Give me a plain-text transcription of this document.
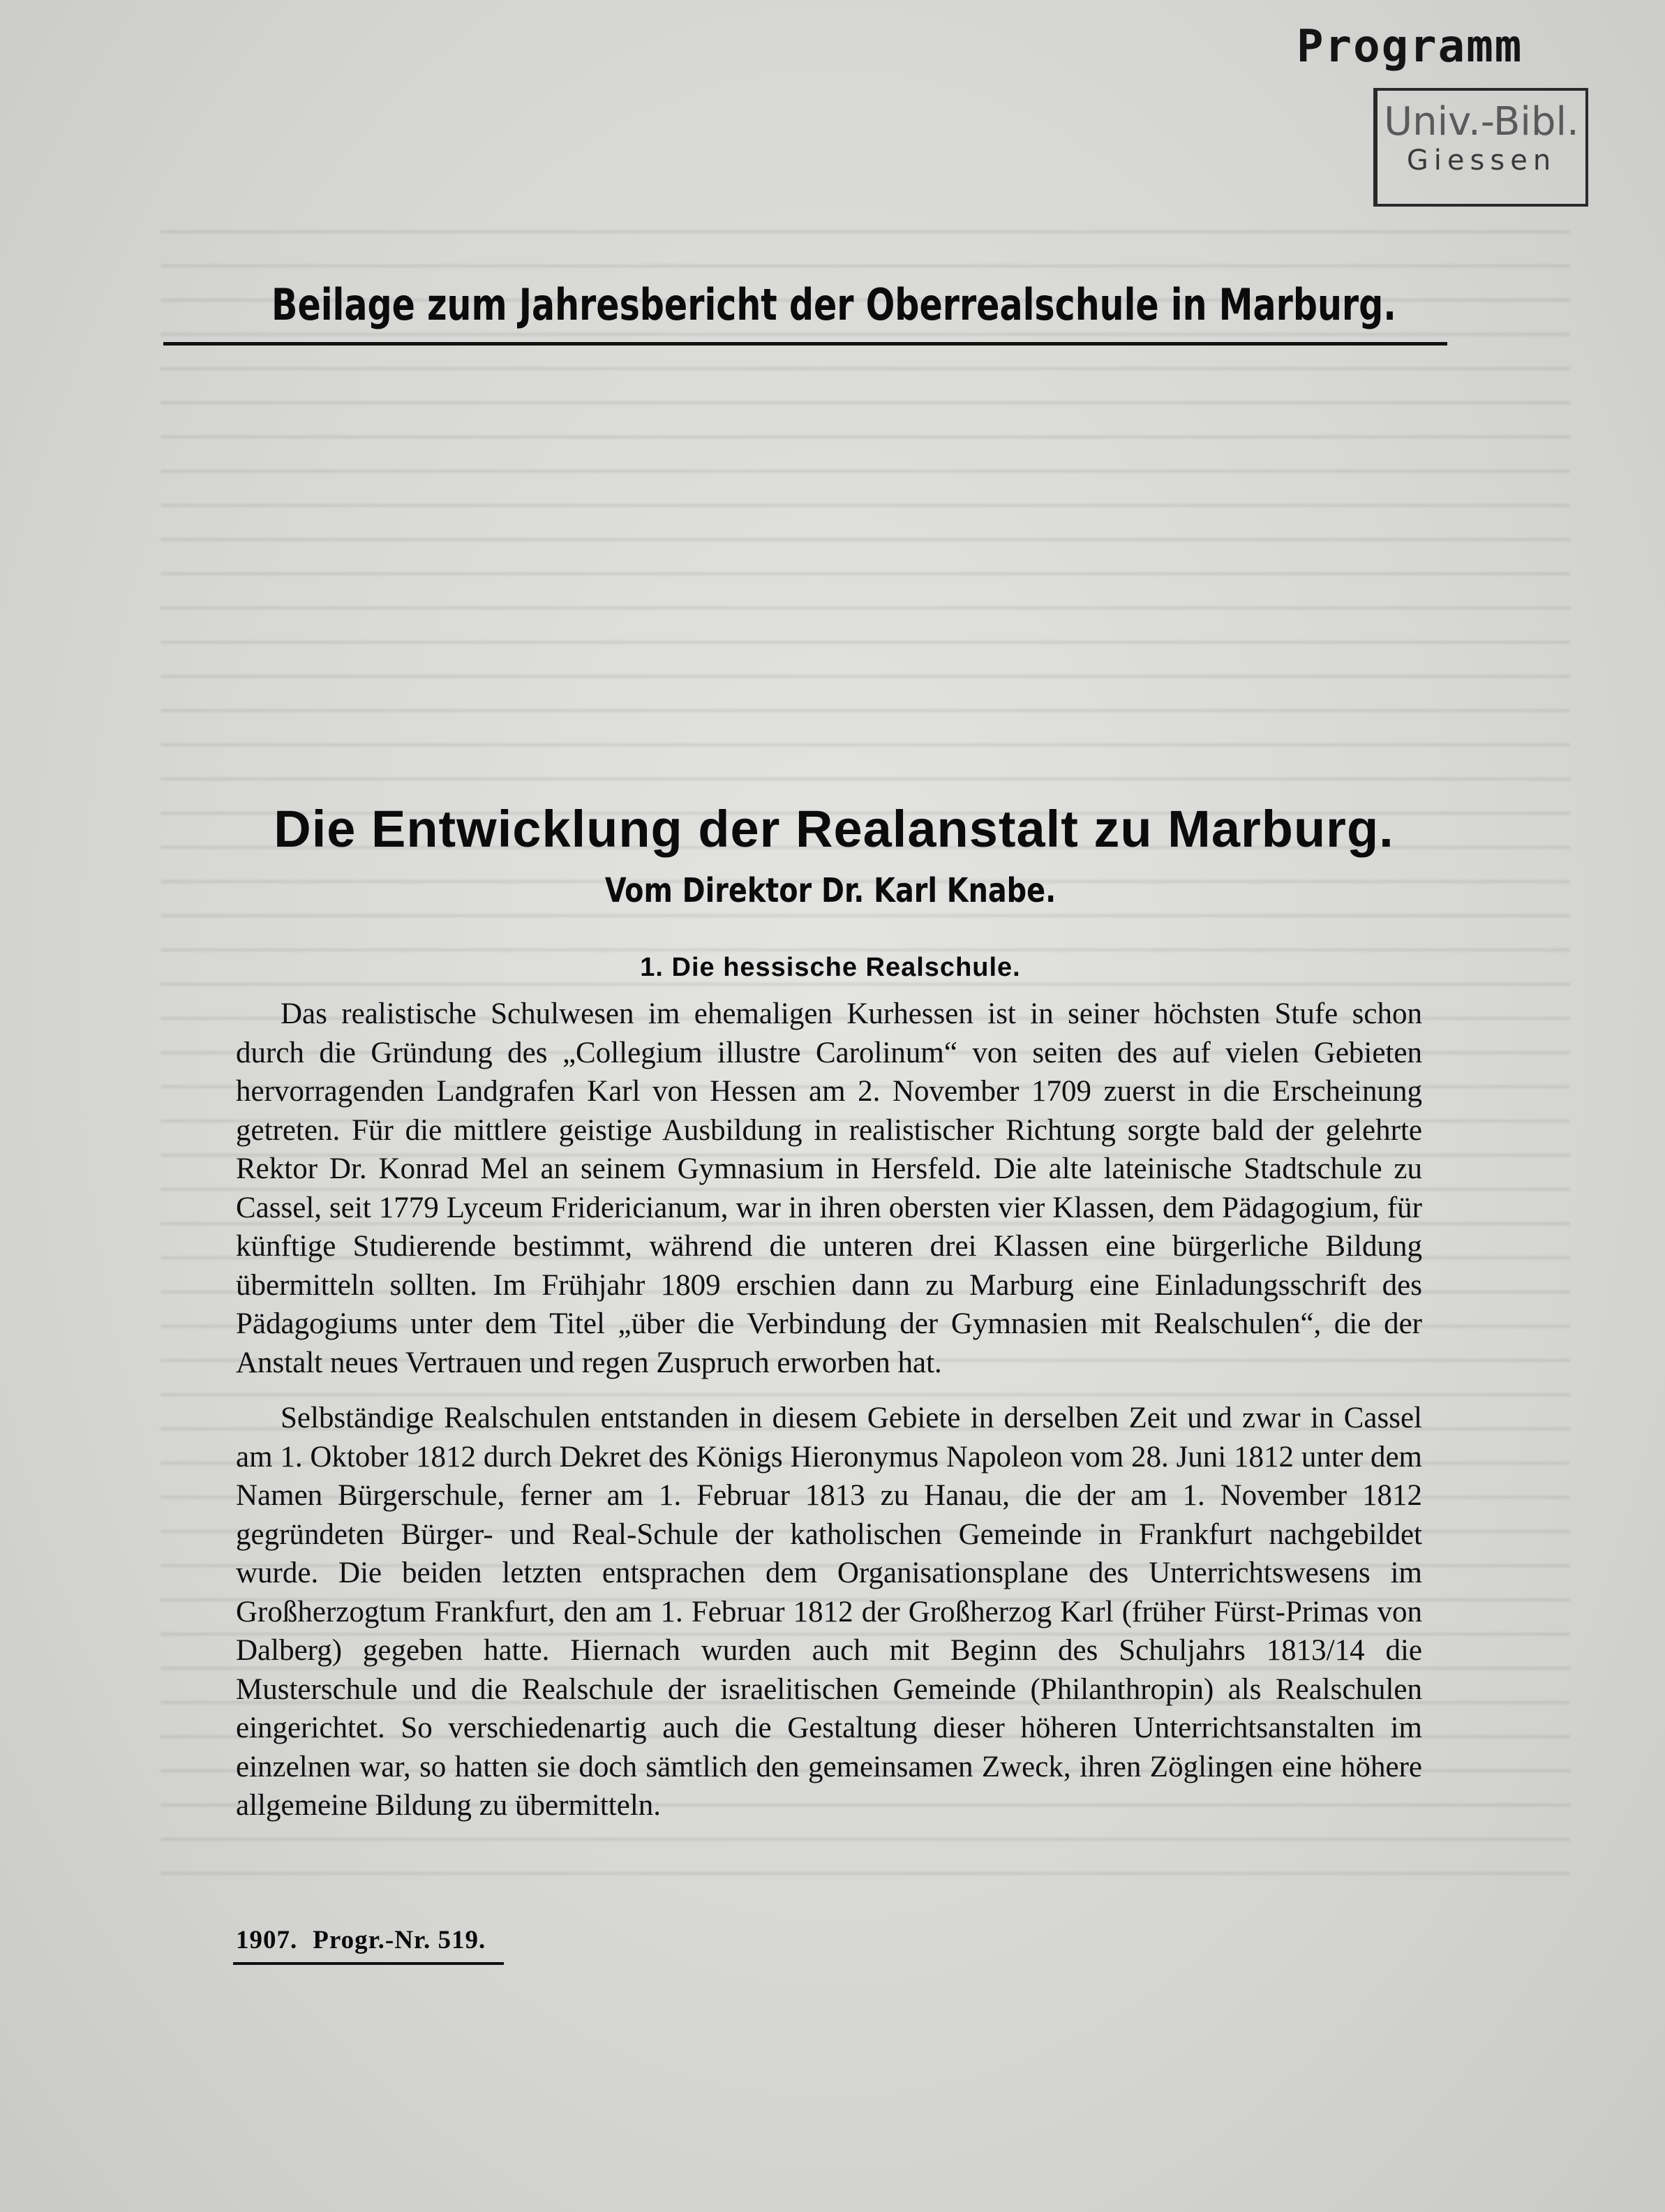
Programm
Univ.-Bibl.
Giessen
Beilage zum Jahresbericht der Oberrealschule in Marburg.
Die Entwicklung der Realanstalt zu Marburg.
Vom Direktor Dr. Karl Knabe.
1. Die hessische Realschule.

Das realistische Schulwesen im ehemaligen Kurhessen ist in seiner höchsten Stufe schon durch die Gründung des „Collegium illustre Carolinum“ von seiten des auf vielen Gebieten hervorragenden Landgrafen Karl von Hessen am 2. November 1709 zuerst in die Erscheinung getreten. Für die mittlere geistige Ausbildung in realistischer Richtung sorgte bald der gelehrte Rektor Dr. Konrad Mel an seinem Gymnasium in Hersfeld. Die alte lateinische Stadtschule zu Cassel, seit 1779 Lyceum Fridericianum, war in ihren obersten vier Klassen, dem Pädagogium, für künftige Studierende bestimmt, während die unteren drei Klassen eine bürgerliche Bildung übermitteln sollten. Im Frühjahr 1809 erschien dann zu Marburg eine Einladungsschrift des Pädagogiums unter dem Titel „über die Verbindung der Gymnasien mit Realschulen“, die der Anstalt neues Vertrauen und regen Zuspruch erworben hat.

Selbständige Realschulen entstanden in diesem Gebiete in derselben Zeit und zwar in Cassel am 1. Oktober 1812 durch Dekret des Königs Hieronymus Napoleon vom 28. Juni 1812 unter dem Namen Bürgerschule, ferner am 1. Februar 1813 zu Hanau, die der am 1. November 1812 gegründeten Bürger- und Real-Schule der katholischen Gemeinde in Frankfurt nachgebildet wurde. Die beiden letzten entsprachen dem Organisationsplane des Unterrichtswesens im Großherzogtum Frankfurt, den am 1. Februar 1812 der Großherzog Karl (früher Fürst-Primas von Dalberg) gegeben hatte. Hiernach wurden auch mit Beginn des Schuljahrs 1813/14 die Musterschule und die Realschule der israelitischen Gemeinde (Philanthropin) als Realschulen eingerichtet. So verschiedenartig auch die Gestaltung dieser höheren Unterrichtsanstalten im einzelnen war, so hatten sie doch sämtlich den gemeinsamen Zweck, ihren Zöglingen eine höhere allgemeine Bildung zu übermitteln.

1907. Progr.-Nr. 519.
